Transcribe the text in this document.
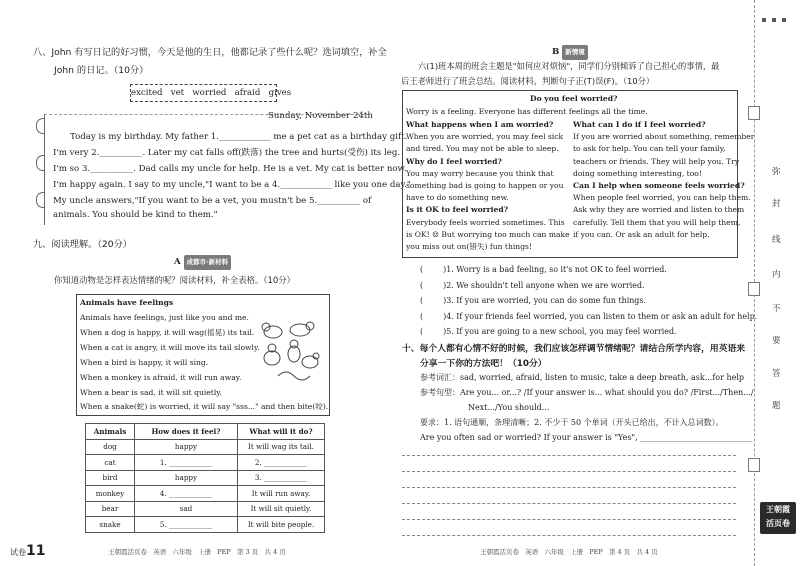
八、John 有写日记的好习惯，今天是他的生日，他都记录了些什么呢？选词填空，补全
John 的日记。（10分）
excited   vet   worried   afraid   gives
Sunday, November 24th
Today is my birthday. My father 1.____________ me a pet cat as a birthday gift.
I'm very 2.__________. Later my cat falls off(跌落) the tree and hurts(受伤) its leg.
I'm so 3.__________. Dad calls my uncle for help. He is a vet. My cat is better now.
I'm happy again. I say to my uncle,"I want to be a 4.____________ like you one day."
My uncle answers,"If you want to be a vet, you mustn't be 5.__________ of
animals. You should be kind to them."
九、阅读理解。（20分）
A 成都市·新材料
你知道动物是怎样表达情绪的呢？阅读材料，补全表格。（10分）
Animals have feelings
Animals have feelings, just like you and me.
When a dog is happy, it will wag(摇晃) its tail.
When a cat is angry, it will move its tail slowly.
When a bird is happy, it will sing.
When a monkey is afraid, it will run away.
When a bear is sad, it will sit quietly.
When a snake(蛇) is worried, it will say "sss..." and then bite(咬).
Animals	How does it feel?	What will it do?
dog	happy	It will wag its tail.
cat	1. ____________	2. ____________
bird	happy	3. ____________
monkey	4. ____________	It will run away.
bear	sad	It will sit quietly.
snake	5. ____________	It will bite people.
试卷11	王朝霞活页卷   英语   六年级   上册   PEP   第 3 页   共 4 页
B 新情境
六(1)班本周的班会主题是"如何应对烦恼"，同学们分别倾诉了自己担心的事情，最
后王老师进行了班会总结。阅读材料，判断句子正(T)误(F)。（10分）
Do you feel worried?
Worry is a feeling. Everyone has different feelings all the time.
What happens when I am worried?
When you are worried, you may feel sick
and tired. You may not be able to sleep.
Why do I feel worried?
You may worry because you think that
something bad is going to happen or you
have to do something new.
Is it OK to feel worried?
Everybody feels worried sometimes. This
is OK! ☺ But worrying too much can make
you miss out on(错失) fun things!
What can I do if I feel worried?
If you are worried about something, remember
to ask for help. You can tell your family,
teachers or friends. They will help you. Try
doing something interesting, too!
Can I help when someone feels worried?
When people feel worried, you can help them.
Ask why they are worried and listen to them
carefully. Tell them that you will help them,
if you can. Or ask an adult for help.
(        )1. Worry is a bad feeling, so it's not OK to feel worried.
(        )2. We shouldn't tell anyone when we are worried.
(        )3. If you are worried, you can do some fun things.
(        )4. If your friends feel worried, you can listen to them or ask an adult for help.
(        )5. If you are going to a new school, you may feel worried.
十、每个人都有心情不好的时候，我们应该怎样调节情绪呢？请结合所学内容，用英语来
分享一下你的方法吧！（10分）
参考词汇：sad, worried, afraid, listen to music, take a deep breath, ask...for help
参考句型：Are you... or...? /If your answer is... what should you do? /First.../Then.../
Next.../You should...
要求：1. 语句通顺，条理清晰；2. 不少于 50 个单词（开头已给出，不计入总词数）。
Are you often sad or worried? If your answer is "Yes", ____________________________
王朝霞活页卷   英语   六年级   上册   PEP   第 4 页   共 4 页
弥
封
线
内
不
要
答
题
王朝霞
活页卷
